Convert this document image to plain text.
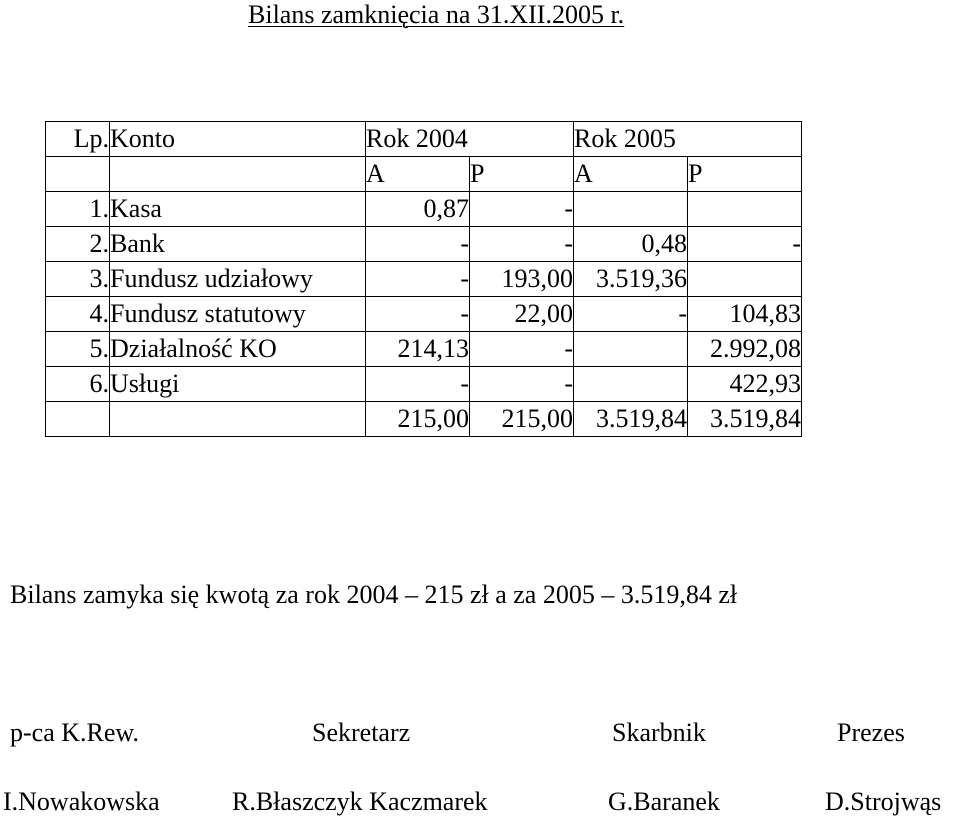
Bilans zamknięcia na 31.XII.2005 r.
Lp.	Konto	Rok 2004		Rok 2005	
		A	P	A	P
1.	Kasa	0,87	-		
2.	Bank	-	-	0,48	-
3.	Fundusz udziałowy	-	193,00	3.519,36	
4.	Fundusz statutowy	-	22,00	-	104,83
5.	Działalność KO	214,13	-		2.992,08
6.	Usługi	-	-		422,93
		215,00	215,00	3.519,84	3.519,84
Bilans zamyka się kwotą za rok 2004 – 215 zł a za 2005 – 3.519,84 zł
p-ca K.Rew.	Sekretarz	Skarbnik	Prezes
I.Nowakowska	R.Błaszczyk Kaczmarek	G.Baranek	D.Strojwąs
